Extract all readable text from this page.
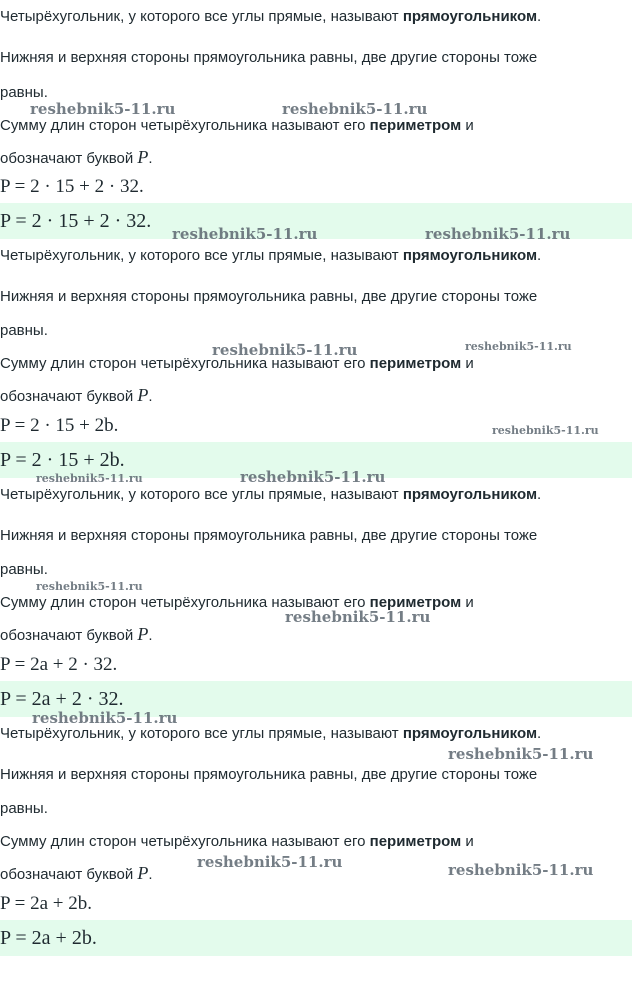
Четырёхугольник, у которого все углы прямые, называют прямоугольником.
Нижняя и верхняя стороны прямоугольника равны, две другие стороны тоже
равны.
Сумму длин сторон четырёхугольника называют его периметром и
обозначают буквой P.
P = 2 · 15 + 2 · 32.
P = 2 · 15 + 2 · 32.
Четырёхугольник, у которого все углы прямые, называют прямоугольником.
Нижняя и верхняя стороны прямоугольника равны, две другие стороны тоже
равны.
Сумму длин сторон четырёхугольника называют его периметром и
обозначают буквой P.
P = 2 · 15 + 2b.
P = 2 · 15 + 2b.
Четырёхугольник, у которого все углы прямые, называют прямоугольником.
Нижняя и верхняя стороны прямоугольника равны, две другие стороны тоже
равны.
Сумму длин сторон четырёхугольника называют его периметром и
обозначают буквой P.
P = 2a + 2 · 32.
P = 2a + 2 · 32.
Четырёхугольник, у которого все углы прямые, называют прямоугольником.
Нижняя и верхняя стороны прямоугольника равны, две другие стороны тоже
равны.
Сумму длин сторон четырёхугольника называют его периметром и
обозначают буквой P.
P = 2a + 2b.
P = 2a + 2b.
reshebnik5-11.ru	reshebnik5-11.ru
reshebnik5-11.ru	reshebnik5-11.ru
reshebnik5-11.ru	reshebnik5-11.ru
reshebnik5-11.ru
reshebnik5-11.ru	reshebnik5-11.ru
reshebnik5-11.ru
reshebnik5-11.ru
reshebnik5-11.ru
reshebnik5-11.ru
reshebnik5-11.ru	reshebnik5-11.ru
